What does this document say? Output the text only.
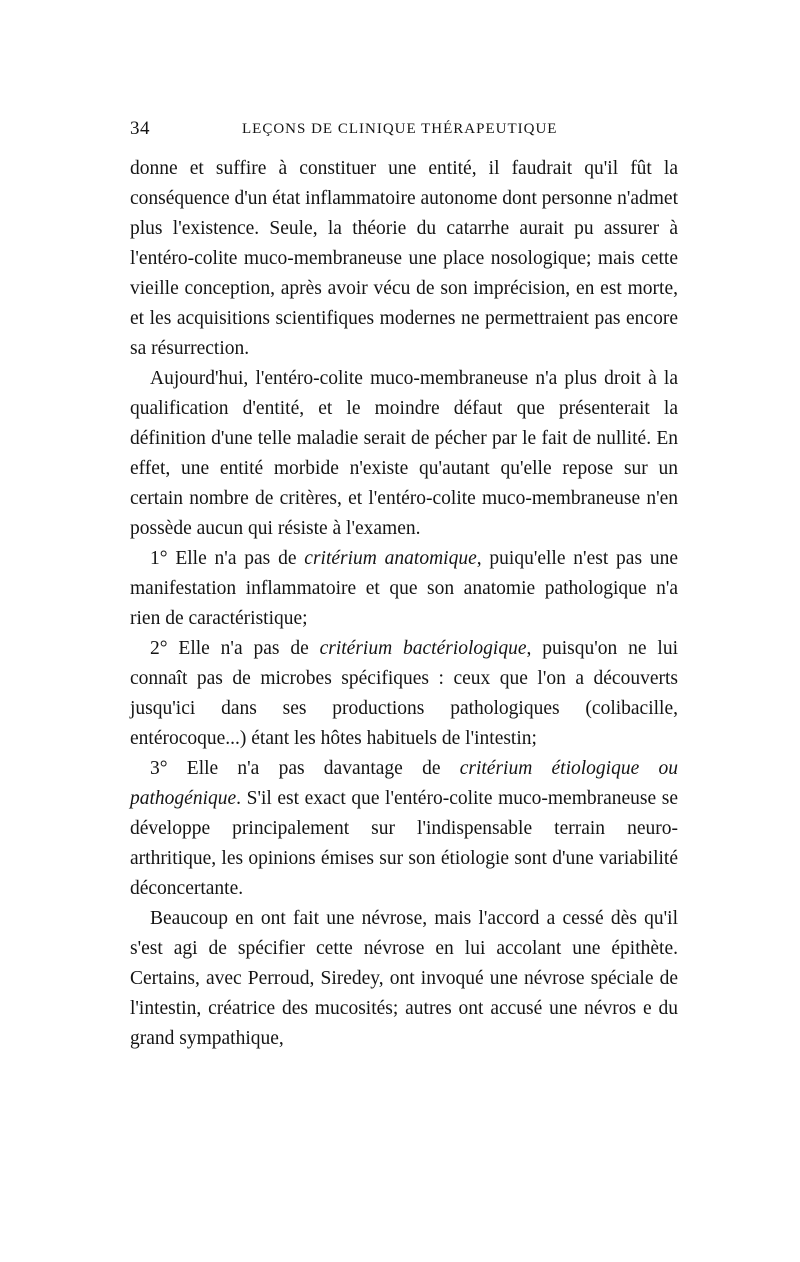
34	LEÇONS DE CLINIQUE THÉRAPEUTIQUE

donne et suffire à constituer une entité, il faudrait qu'il fût la conséquence d'un état inflammatoire autonome dont personne n'admet plus l'existence. Seule, la théorie du catarrhe aurait pu assurer à l'entéro-colite muco-membraneuse une place nosologique; mais cette vieille conception, après avoir vécu de son imprécision, en est morte, et les acquisitions scientifiques modernes ne permettraient pas encore sa résurrection.

Aujourd'hui, l'entéro-colite muco-membraneuse n'a plus droit à la qualification d'entité, et le moindre défaut que présenterait la définition d'une telle maladie serait de pécher par le fait de nullité. En effet, une entité morbide n'existe qu'autant qu'elle repose sur un certain nombre de critères, et l'entéro-colite muco-membraneuse n'en possède aucun qui résiste à l'examen.

1° Elle n'a pas de critérium anatomique, puiqu'elle n'est pas une manifestation inflammatoire et que son anatomie pathologique n'a rien de caractéristique;

2° Elle n'a pas de critérium bactériologique, puisqu'on ne lui connaît pas de microbes spécifiques : ceux que l'on a découverts jusqu'ici dans ses productions pathologiques (colibacille, entérocoque...) étant les hôtes habituels de l'intestin;

3° Elle n'a pas davantage de critérium étiologique ou pathogénique. S'il est exact que l'entéro-colite muco-membraneuse se développe principalement sur l'indispensable terrain neuro-arthritique, les opinions émises sur son étiologie sont d'une variabilité déconcertante.

Beaucoup en ont fait une névrose, mais l'accord a cessé dès qu'il s'est agi de spécifier cette névrose en lui accolant une épithète. Certains, avec Perroud, Siredey, ont invoqué une névrose spéciale de l'intestin, créatrice des mucosités; autres ont accusé une névros e du grand sympathique,
